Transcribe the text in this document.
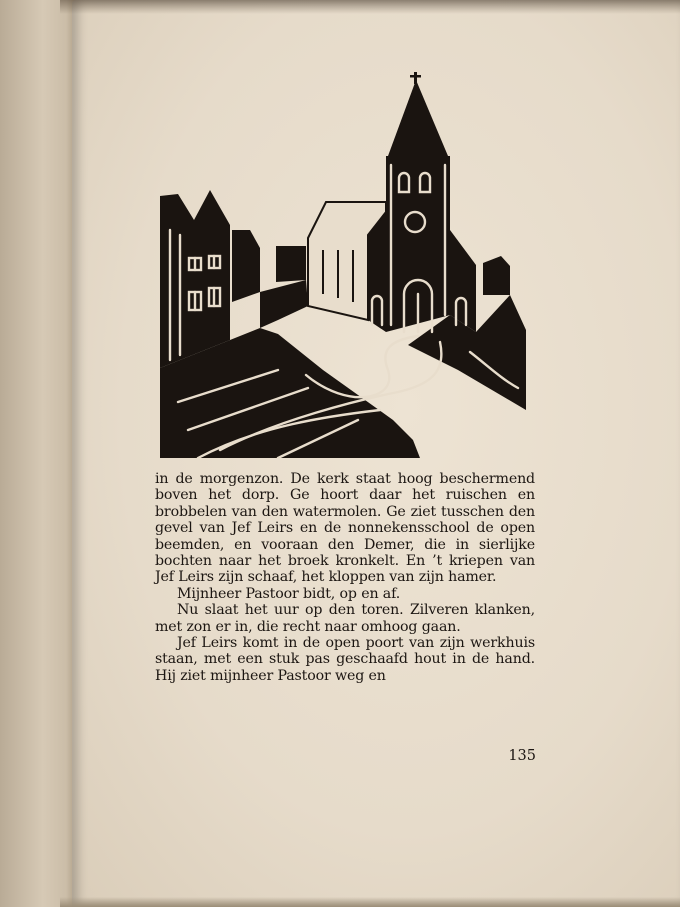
in de morgenzon. De kerk staat hoog beschermend boven het dorp. Ge hoort daar het ruischen en brobbelen van den watermolen. Ge ziet tusschen den gevel van Jef Leirs en de nonnekensschool de open beemden, en vooraan den Demer, die in sierlijke bochten naar het broek kronkelt. En ’t kriepen van Jef Leirs zijn schaaf, het kloppen van zijn hamer.

Mijnheer Pastoor bidt, op en af.

Nu slaat het uur op den toren. Zilveren klanken, met zon er in, die recht naar omhoog gaan.

Jef Leirs komt in de open poort van zijn werkhuis staan, met een stuk pas geschaafd hout in de hand. Hij ziet mijnheer Pastoor weg en

135
